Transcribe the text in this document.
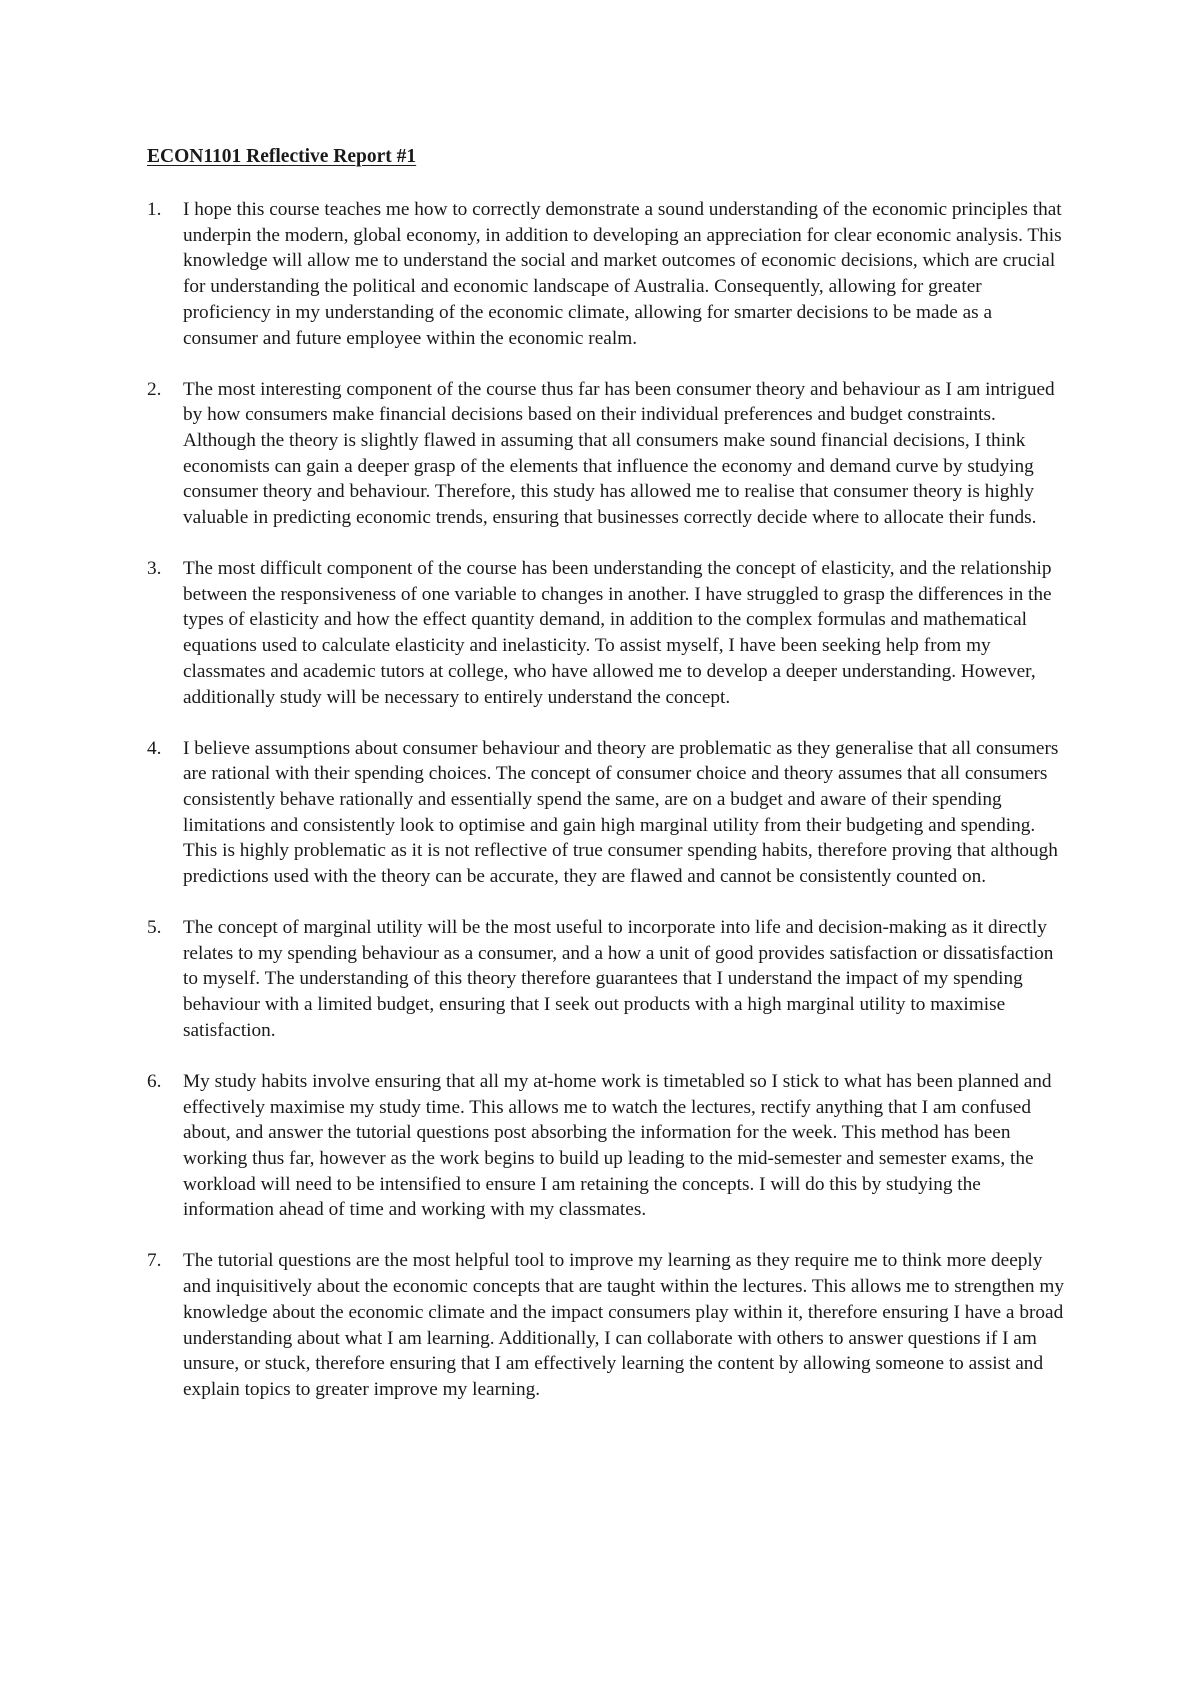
ECON1101 Reflective Report #1
1. I hope this course teaches me how to correctly demonstrate a sound understanding of the economic principles that underpin the modern, global economy, in addition to developing an appreciation for clear economic analysis. This knowledge will allow me to understand the social and market outcomes of economic decisions, which are crucial for understanding the political and economic landscape of Australia. Consequently, allowing for greater proficiency in my understanding of the economic climate, allowing for smarter decisions to be made as a consumer and future employee within the economic realm.
2. The most interesting component of the course thus far has been consumer theory and behaviour as I am intrigued by how consumers make financial decisions based on their individual preferences and budget constraints. Although the theory is slightly flawed in assuming that all consumers make sound financial decisions, I think economists can gain a deeper grasp of the elements that influence the economy and demand curve by studying consumer theory and behaviour. Therefore, this study has allowed me to realise that consumer theory is highly valuable in predicting economic trends, ensuring that businesses correctly decide where to allocate their funds.
3. The most difficult component of the course has been understanding the concept of elasticity, and the relationship between the responsiveness of one variable to changes in another. I have struggled to grasp the differences in the types of elasticity and how the effect quantity demand, in addition to the complex formulas and mathematical equations used to calculate elasticity and inelasticity. To assist myself, I have been seeking help from my classmates and academic tutors at college, who have allowed me to develop a deeper understanding. However, additionally study will be necessary to entirely understand the concept.
4. I believe assumptions about consumer behaviour and theory are problematic as they generalise that all consumers are rational with their spending choices. The concept of consumer choice and theory assumes that all consumers consistently behave rationally and essentially spend the same, are on a budget and aware of their spending limitations and consistently look to optimise and gain high marginal utility from their budgeting and spending. This is highly problematic as it is not reflective of true consumer spending habits, therefore proving that although predictions used with the theory can be accurate, they are flawed and cannot be consistently counted on.
5. The concept of marginal utility will be the most useful to incorporate into life and decision-making as it directly relates to my spending behaviour as a consumer, and a how a unit of good provides satisfaction or dissatisfaction to myself. The understanding of this theory therefore guarantees that I understand the impact of my spending behaviour with a limited budget, ensuring that I seek out products with a high marginal utility to maximise satisfaction.
6. My study habits involve ensuring that all my at-home work is timetabled so I stick to what has been planned and effectively maximise my study time. This allows me to watch the lectures, rectify anything that I am confused about, and answer the tutorial questions post absorbing the information for the week. This method has been working thus far, however as the work begins to build up leading to the mid-semester and semester exams, the workload will need to be intensified to ensure I am retaining the concepts. I will do this by studying the information ahead of time and working with my classmates.
7. The tutorial questions are the most helpful tool to improve my learning as they require me to think more deeply and inquisitively about the economic concepts that are taught within the lectures. This allows me to strengthen my knowledge about the economic climate and the impact consumers play within it, therefore ensuring I have a broad understanding about what I am learning. Additionally, I can collaborate with others to answer questions if I am unsure, or stuck, therefore ensuring that I am effectively learning the content by allowing someone to assist and explain topics to greater improve my learning.
